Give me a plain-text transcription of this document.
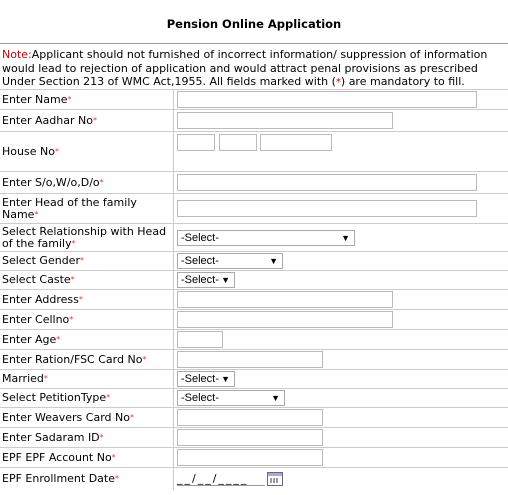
Pension Online Application
Note:Applicant should not furnished of incorrect information/ suppression of information would lead to rejection of application and would attract penal provisions as prescribed Under Section 213 of WMC Act,1955. All fields marked with (*) are mandatory to fill.
Enter Name*	
Enter Aadhar No*	
House No*	
Enter S/o,W/o,D/o*	
Enter Head of the family Name*	
Select Relationship with Head of the family*	-Select- ▼

Select Gender*	-Select- ▼

Select Caste*	-Select- ▼

Enter Address*	
Enter Cellno*	
Enter Age*	
Enter Ration/FSC Card No*	
Married*	-Select- ▼

Select PetitionType*	-Select- ▼

Enter Weavers Card No*	
Enter Sadaram ID*	
EPF EPF Account No*	
EPF Enrollment Date*	__/__/____
